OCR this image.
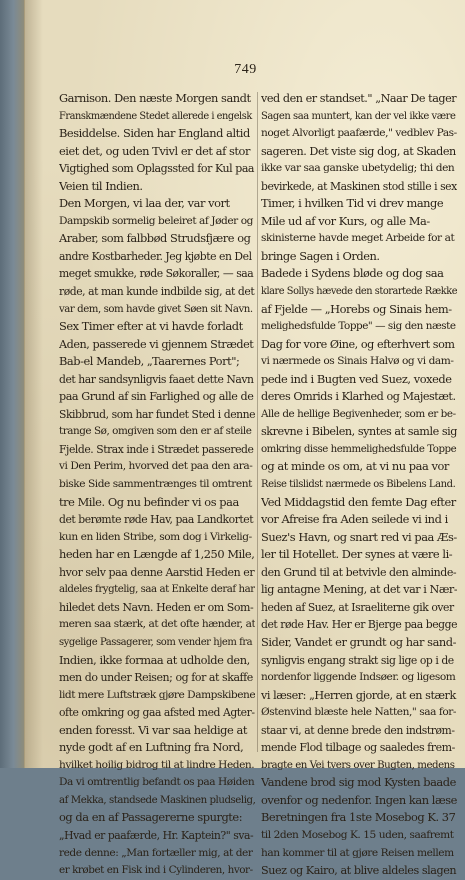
749
Garnison. Den næste Morgen sandt
Franskmændene Stedet allerede i engelsk
Besiddelse. Siden har England altid
eiet det, og uden Tvivl er det af stor
Vigtighed som Oplagssted for Kul paa
Veien til Indien.
Den Morgen, vi laa der, var vort
Dampskib sormelig beleiret af Jøder og
Araber, som falbbød Strudsfjære og
andre Kostbarheder. Jeg kjøbte en Del
meget smukke, røde Søkoraller, — saa
røde, at man kunde indbilde sig, at det
var dem, som havde givet Søen sit Navn.
Sex Timer efter at vi havde forladt
Aden, passerede vi gjennem Strædet
Bab-el Mandeb, „Taarernes Port";
det har sandsynligvis faaet dette Navn
paa Grund af sin Farlighed og alle de
Skibbrud, som har fundet Sted i denne
trange Sø, omgiven som den er af steile
Fjelde. Strax inde i Strædet passerede
vi Den Perim, hvorved det paa den ara-
biske Side sammentrænges til omtrent
tre Mile. Og nu befinder vi os paa
det berømte røde Hav, paa Landkortet
kun en liden Stribe, som dog i Virkelig-
heden har en Længde af 1,250 Mile,
hvor selv paa denne Aarstid Heden er
aldeles frygtelig, saa at Enkelte deraf har
hiledet dets Navn. Heden er om Som-
meren saa stærk, at det ofte hænder, at
sygelige Passagerer, som vender hjem fra
Indien, ikke formaa at udholde den,
men do under Reisen; og for at skaffe
lidt mere Luftstræk gjøre Dampskibene
ofte omkring og gaa afsted med Agter-
enden foresst. Vi var saa heldige at
nyde godt af en Luftning fra Nord,
hvilket hoilig bidrog til at lindre Heden.
Da vi omtrentlig befandt os paa Høiden
af Mekka, standsede Maskinen pludselig,
og da en af Passagererne spurgte:
„Hvad er paafærde, Hr. Kaptein?" sva-
rede denne: „Man fortæller mig, at der
er krøbet en Fisk ind i Cylinderen, hvor-
ved den er standset." „Naar De tager
Sagen saa muntert, kan der vel ikke være
noget Alvorligt paafærde," vedblev Pas-
sageren. Det viste sig dog, at Skaden
ikke var saa ganske ubetydelig; thi den
bevirkede, at Maskinen stod stille i sex
Timer, i hvilken Tid vi drev mange
Mile ud af vor Kurs, og alle Ma-
skinisterne havde meget Arbeide for at
bringe Sagen i Orden.
Badede i Sydens bløde og dog saa
klare Sollys hævede den storartede Række
af Fjelde — „Horebs og Sinais hem-
melighedsfulde Toppe" — sig den næste
Dag for vore Øine, og efterhvert som
vi nærmede os Sinais Halvø og vi dam-
pede ind i Bugten ved Suez, voxede
deres Omrids i Klarhed og Majestæt.
Alle de hellige Begivenheder, som er be-
skrevne i Bibelen, syntes at samle sig
omkring disse hemmelighedsfulde Toppe
og at minde os om, at vi nu paa vor
Reise tilslidst nærmede os Bibelens Land.
Ved Middagstid den femte Dag efter
vor Afreise fra Aden seilede vi ind i
Suez's Havn, og snart red vi paa Æs-
ler til Hotellet. Der synes at være li-
den Grund til at betvivle den alminde-
lig antagne Mening, at det var i Nær-
heden af Suez, at Israeliterne gik over
det røde Hav. Her er Bjerge paa begge
Sider, Vandet er grundt og har sand-
synligvis engang strakt sig lige op i de
nordenfor liggende Indsøer. og ligesom
vi læser: „Herren gjorde, at en stærk
Østenvind blæste hele Natten," saa for-
staar vi, at denne brede den indstrøm-
mende Flod tilbage og saaledes frem-
bragte en Vei tvers over Bugten, medens
Vandene brod sig mod Kysten baade
ovenfor og nedenfor. Ingen kan læse
Beretningen fra 1ste Mosebog K. 37
til 2den Mosebog K. 15 uden, saafremt
han kommer til at gjøre Reisen mellem
Suez og Kairo, at blive aldeles slagen
